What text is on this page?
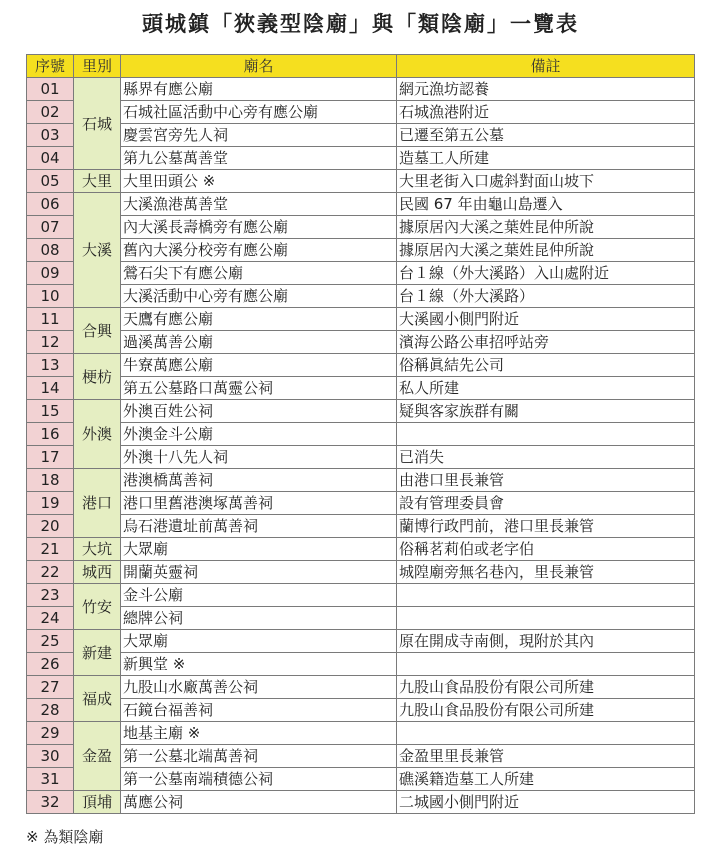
頭城鎮「狹義型陰廟」與「類陰廟」一覽表
序號	里別	廟名	備註
01	石城	縣界有應公廟	網元漁坊認養
02		石城社區活動中心旁有應公廟	石城漁港附近
03		慶雲宮旁先人祠	已遷至第五公墓
04		第九公墓萬善堂	造墓工人所建
05	大里	大里田頭公 ※	大里老街入口處斜對面山坡下
06	大溪	大溪漁港萬善堂	民國 67 年由龜山島遷入
07		內大溪長壽橋旁有應公廟	據原居內大溪之葉姓昆仲所說
08		舊內大溪分校旁有應公廟	據原居內大溪之葉姓昆仲所說
09		鶯石尖下有應公廟	台１線（外大溪路）入山處附近
10		大溪活動中心旁有應公廟	台１線（外大溪路）
11	合興	天鷹有應公廟	大溪國小側門附近
12		過溪萬善公廟	濱海公路公車招呼站旁
13	梗枋	牛寮萬應公廟	俗稱眞結先公司
14		第五公墓路口萬靈公祠	私人所建
15	外澳	外澳百姓公祠	疑與客家族群有關
16		外澳金斗公廟	
17		外澳十八先人祠	已消失
18	港口	港澳橋萬善祠	由港口里長兼管
19		港口里舊港澳塚萬善祠	設有管理委員會
20		烏石港遺址前萬善祠	蘭博行政門前，港口里長兼管
21	大坑	大眾廟	俗稱茗莉伯或老字伯
22	城西	開蘭英靈祠	城隍廟旁無名巷內，里長兼管
23	竹安	金斗公廟	
24		總牌公祠	
25	新建	大眾廟	原在開成寺南側，現附於其內
26		新興堂 ※	
27	福成	九股山水廠萬善公祠	九股山食品股份有限公司所建
28		石鏡台福善祠	九股山食品股份有限公司所建
29	金盈	地基主廟 ※	
30		第一公墓北端萬善祠	金盈里里長兼管
31		第一公墓南端積德公祠	礁溪籍造墓工人所建
32	頂埔	萬應公祠	二城國小側門附近
※ 為類陰廟
